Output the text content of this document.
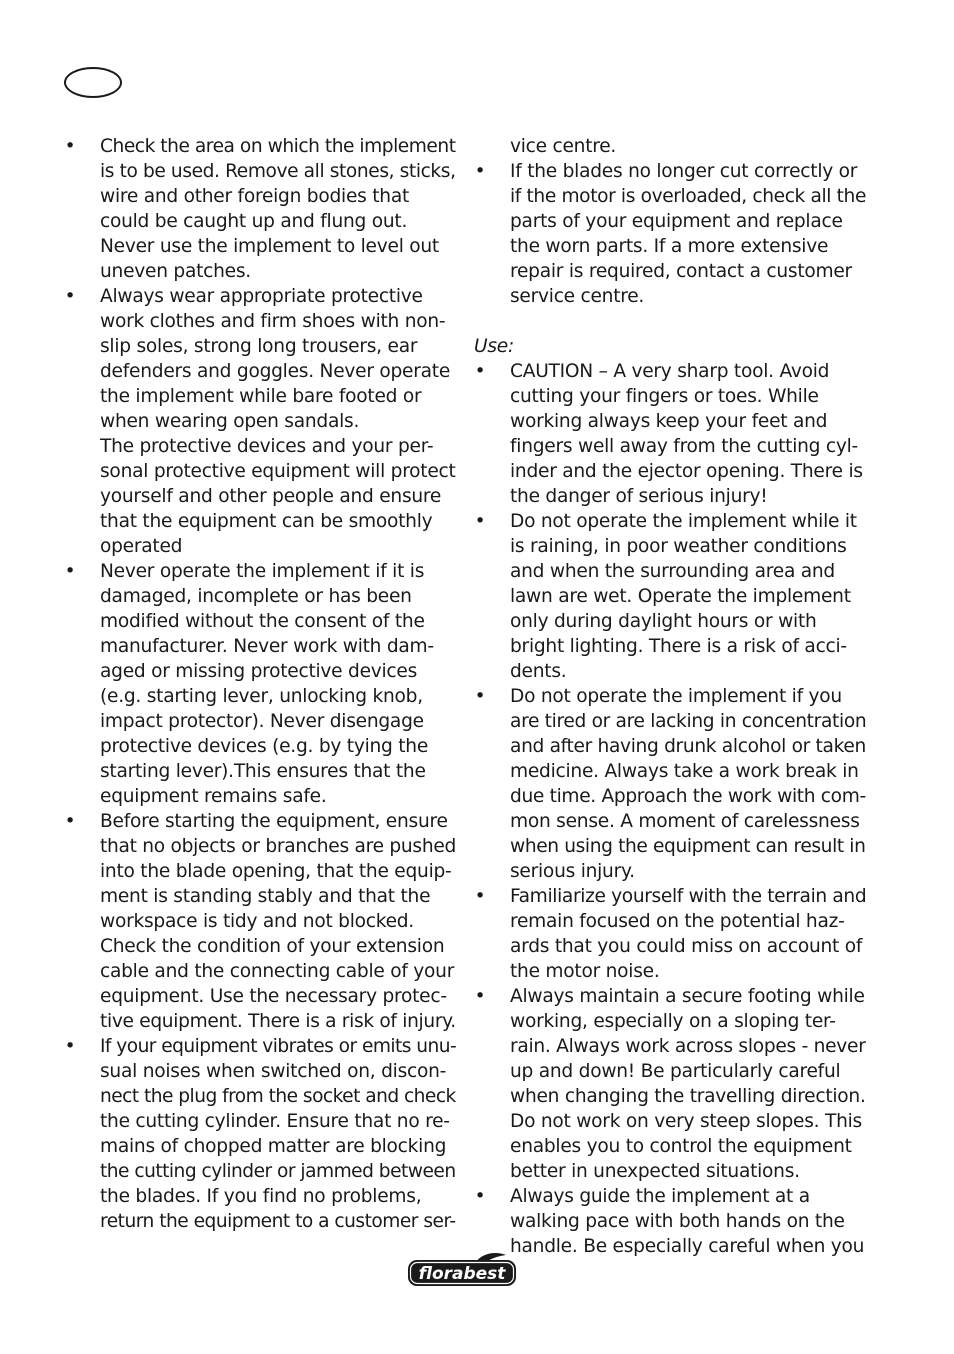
• Check the area on which the implement
is to be used. Remove all stones, sticks,
wire and other foreign bodies that
could be caught up and flung out.
Never use the implement to level out
uneven patches.
• Always wear appropriate protective
work clothes and firm shoes with non-
slip soles, strong long trousers, ear
defenders and goggles. Never operate
the implement while bare footed or
when wearing open sandals.
The protective devices and your per-
sonal protective equipment will protect
yourself and other people and ensure
that the equipment can be smoothly
operated
• Never operate the implement if it is
damaged, incomplete or has been
modified without the consent of the
manufacturer. Never work with dam-
aged or missing protective devices
(e.g. starting lever, unlocking knob,
impact protector). Never disengage
protective devices (e.g. by tying the
starting lever).This ensures that the
equipment remains safe.
• Before starting the equipment, ensure
that no objects or branches are pushed
into the blade opening, that the equip-
ment is standing stably and that the
workspace is tidy and not blocked.
Check the condition of your extension
cable and the connecting cable of your
equipment. Use the necessary protec-
tive equipment. There is a risk of injury.
• If your equipment vibrates or emits unu-
sual noises when switched on, discon-
nect the plug from the socket and check
the cutting cylinder. Ensure that no re-
mains of chopped matter are blocking
the cutting cylinder or jammed between
the blades. If you find no problems,
return the equipment to a customer ser-
vice centre.
• If the blades no longer cut correctly or
if the motor is overloaded, check all the
parts of your equipment and replace
the worn parts. If a more extensive
repair is required, contact a customer
service centre.
Use:
• CAUTION – A very sharp tool. Avoid
cutting your fingers or toes. While
working always keep your feet and
fingers well away from the cutting cyl-
inder and the ejector opening. There is
the danger of serious injury!
• Do not operate the implement while it
is raining, in poor weather conditions
and when the surrounding area and
lawn are wet. Operate the implement
only during daylight hours or with
bright lighting. There is a risk of acci-
dents.
• Do not operate the implement if you
are tired or are lacking in concentration
and after having drunk alcohol or taken
medicine. Always take a work break in
due time. Approach the work with com-
mon sense. A moment of carelessness
when using the equipment can result in
serious injury.
• Familiarize yourself with the terrain and
remain focused on the potential haz-
ards that you could miss on account of
the motor noise.
• Always maintain a secure footing while
working, especially on a sloping ter-
rain. Always work across slopes - never
up and down! Be particularly careful
when changing the travelling direction.
Do not work on very steep slopes. This
enables you to control the equipment
better in unexpected situations.
• Always guide the implement at a
walking pace with both hands on the
handle. Be especially careful when you
florabest
